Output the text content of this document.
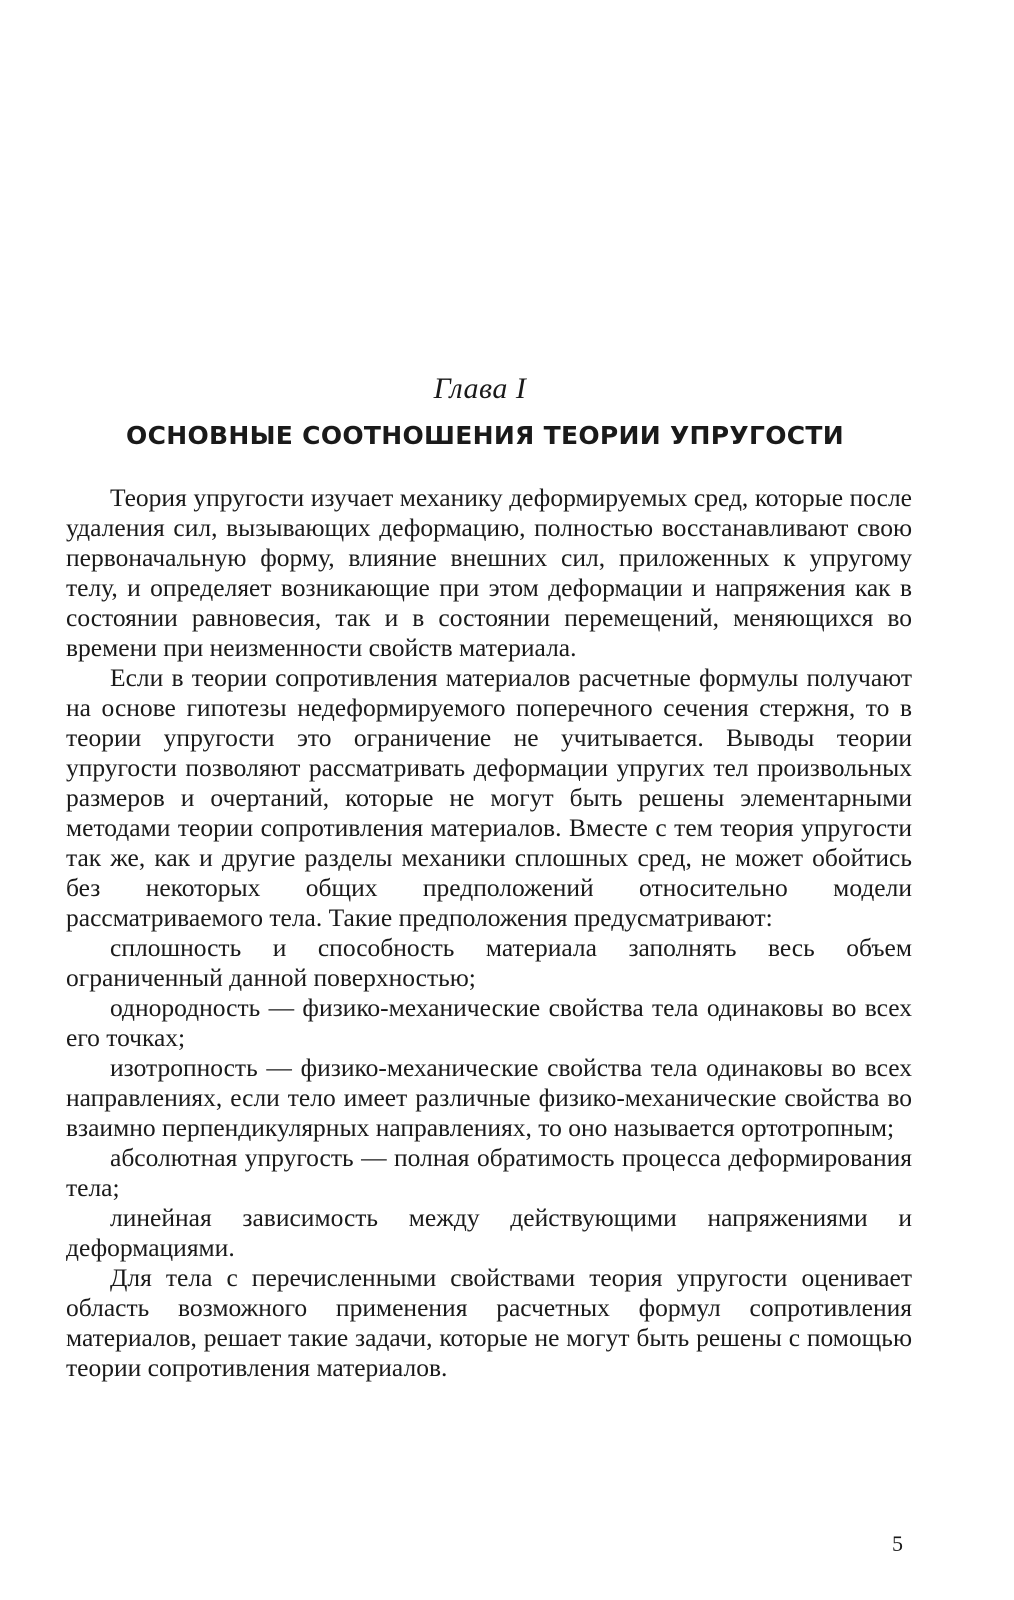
Глава I
ОСНОВНЫЕ СООТНОШЕНИЯ ТЕОРИИ УПРУГОСТИ

Теория упругости изучает механику деформируемых сред, которые после удаления сил, вызывающих деформацию, полностью восстанавливают свою первоначальную форму, влияние внешних сил, приложенных к упругому телу, и определяет возникающие при этом деформации и напряжения как в состоянии равновесия, так и в состоянии перемещений, меняющихся во времени при неизменности свойств материала.

Если в теории сопротивления материалов расчетные формулы получают на основе гипотезы недеформируемого поперечного сечения стержня, то в теории упругости это ограничение не учитывается. Выводы теории упругости позволяют рассматривать деформации упругих тел произвольных размеров и очертаний, которые не могут быть решены элементарными методами теории сопротивления материалов. Вместе с тем теория упругости так же, как и другие разделы механики сплошных сред, не может обойтись без некоторых общих предположений относительно модели рассматриваемого тела. Такие предположения предусматривают:

сплошность и способность материала заполнять весь объем ограниченный данной поверхностью;

однородность — физико-механические свойства тела одинаковы во всех его точках;

изотропность — физико-механические свойства тела одинаковы во всех направлениях, если тело имеет различные физико-механические свойства во взаимно перпендикулярных направлениях, то оно называется ортотропным;

абсолютная упругость — полная обратимость процесса деформирования тела;

линейная зависимость между действующими напряжениями и деформациями.

Для тела с перечисленными свойствами теория упругости оценивает область возможного применения расчетных формул сопротивления материалов, решает такие задачи, которые не могут быть решены с помощью теории сопротивления материалов.

5
